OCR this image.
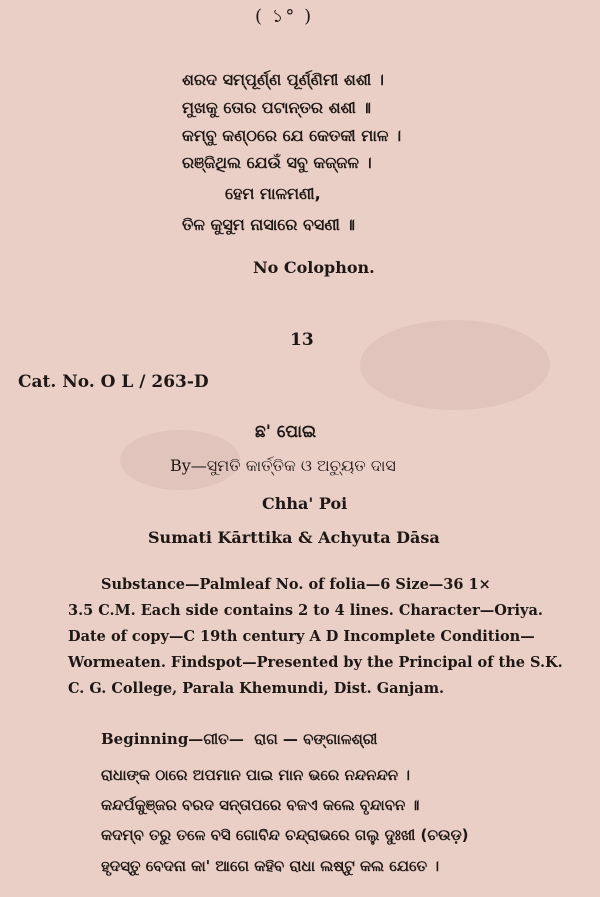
( ১° )
ଶରଦ ସମ୍ପୂର୍ଣ୍ଣ ପୂର୍ଣ୍ଣିମୀ ଶଶୀ ।
ମୁଖକୁ ତୋର ପଟାନ୍ତର ଶଶୀ ॥
କମ୍ବୁ କଣ୍ଠରେ ଯେ କେତକୀ ମାଳ ।
ରଞ୍ଜିଥିଲ ଯେଉଁ ସବୁ କଜ୍ଜଳ ।
ହେମ ମାଳମଣୀ,
ତିଳ କୁସୁମ ନାସାରେ ବସଣୀ ॥
No Colophon.
13
Cat. No. O L / 263-D
ଛ' ପୋଇ
By—ସୁମତି କାର୍ତ୍ତିକ ଓ ଅଚ୍ୟୁତ ଦାସ
Chha' Poi
Sumati Kārttika & Achyuta Dāsa
Substance—Palmleaf No. of folia—6 Size—36 1×
3.5 C.M. Each side contains 2 to 4 lines. Character—Oriya.
Date of copy—C 19th century A D Incomplete Condition—
Wormeaten. Findspot—Presented by the Principal of the S.K.
C. G. College, Parala Khemundi, Dist. Ganjam.
Beginning—ଗୀତ— ରାଗ — ବଙ୍ଗାଳଶ୍ରୀ
ରାଧାଙ୍କ ଠାରେ ଅପମାନ ପାଇ ମାନ ଭରେ ନନ୍ଦନନ୍ଦନ ।
କନ୍ଦର୍ପକୁଞ୍ଜର ବରଦ ସନ୍ତାପରେ ବଜଏ କଲେ ବୃନ୍ଦାବନ ॥
କଦମ୍ବ ତରୁ ତଳେ ବସି ଗୋବିନ୍ଦ ଚନ୍ଦ୍ରାଭରେ ଗଲୁ ଦୁଃଖୀ (ଚଉଡ଼)
ହୃଦସ୍ତୁ ବେଦନା କା' ଆଗେ କହିବ ରାଧା ଲଷ୍ଟୁ କଲ ଯେତେ ।
